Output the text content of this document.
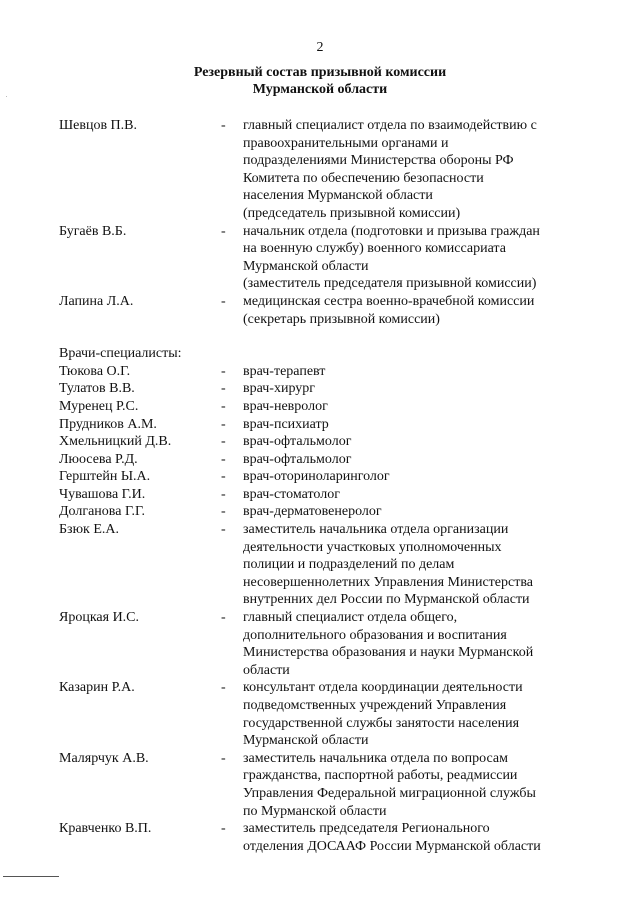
2
Резервный состав призывной комиссии
Мурманской области
Шевцов П.В.	-	главный специалист отдела по взаимодействию с
правоохранительными органами и
подразделениями Министерства обороны РФ
Комитета по обеспечению безопасности
населения Мурманской области
(председатель призывной комиссии)
Бугаёв В.Б.	-	начальник отдела (подготовки и призыва граждан
на военную службу) военного комиссариата
Мурманской области
(заместитель председателя призывной комиссии)
Лапина Л.А.	-	медицинская сестра военно-врачебной комиссии
(секретарь призывной комиссии)
Врачи-специалисты:
Тюкова О.Г.	-	врач-терапевт
Тулатов В.В.	-	врач-хирург
Муренец Р.С.	-	врач-невролог
Прудников А.М.	-	врач-психиатр
Хмельницкий Д.В.	-	врач-офтальмолог
Люосева Р.Д.	-	врач-офтальмолог
Герштейн Ы.А.	-	врач-оториноларинголог
Чувашова Г.И.	-	врач-стоматолог
Долганова Г.Г.	-	врач-дерматовенеролог
Бзюк Е.А.	-	заместитель начальника отдела организации
деятельности участковых уполномоченных
полиции и подразделений по делам
несовершеннолетних Управления Министерства
внутренних дел России по Мурманской области
Яроцкая И.С.	-	главный специалист отдела общего,
дополнительного образования и воспитания
Министерства образования и науки Мурманской
области
Казарин Р.А.	-	консультант отдела координации деятельности
подведомственных учреждений Управления
государственной службы занятости населения
Мурманской области
Малярчук А.В.	-	заместитель начальника отдела по вопросам
гражданства, паспортной работы, реадмиссии
Управления Федеральной миграционной службы
по Мурманской области
Кравченко В.П.	-	заместитель председателя Регионального
отделения ДОСААФ России Мурманской области
